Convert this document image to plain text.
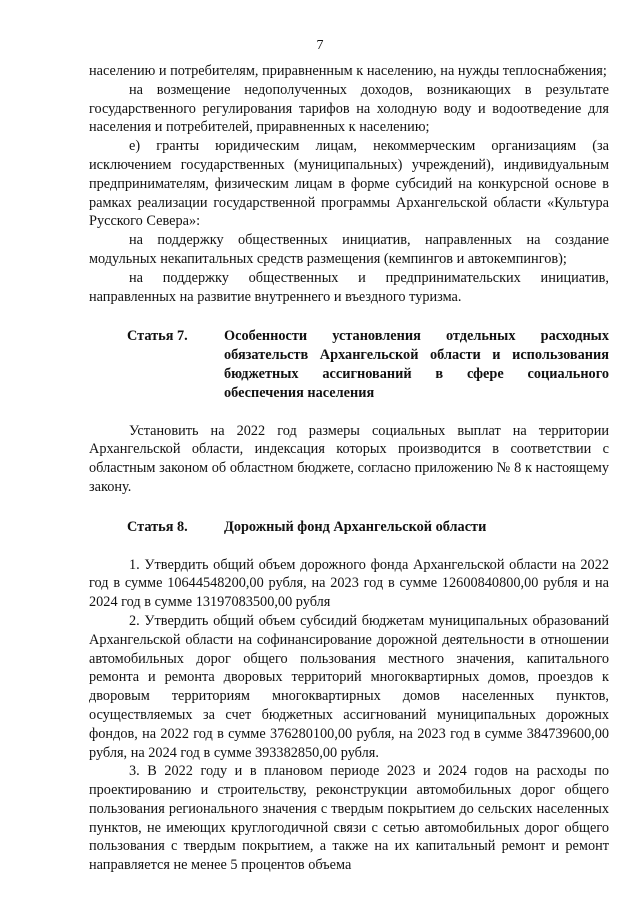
7

населению и потребителям, приравненным к населению, на нужды теплоснабжения;

на возмещение недополученных доходов, возникающих в результате государственного регулирования тарифов на холодную воду и водоотведение для населения и потребителей, приравненных к населению;

е) гранты юридическим лицам, некоммерческим организациям (за исключением государственных (муниципальных) учреждений), индивидуальным предпринимателям, физическим лицам в форме субсидий на конкурсной основе в рамках реализации государственной программы Архангельской области «Культура Русского Севера»:

на поддержку общественных инициатив, направленных на создание модульных некапитальных средств размещения (кемпингов и автокемпингов);

на поддержку общественных и предпринимательских инициатив, направленных на развитие внутреннего и въездного туризма.

Статья 7.	Особенности установления отдельных расходных обязательств Архангельской области и использования бюджетных ассигнований в сфере социального обеспечения населения

Установить на 2022 год размеры социальных выплат на территории Архангельской области, индексация которых производится в соответствии с областным законом об областном бюджете, согласно приложению № 8 к настоящему закону.

Статья 8.	Дорожный фонд Архангельской области

1. Утвердить общий объем дорожного фонда Архангельской области на 2022 год в сумме 10644548200,00 рубля, на 2023 год в сумме 12600840800,00 рубля и на 2024 год в сумме 13197083500,00 рубля

2. Утвердить общий объем субсидий бюджетам муниципальных образований Архангельской области на софинансирование дорожной деятельности в отношении автомобильных дорог общего пользования местного значения, капитального ремонта и ремонта дворовых территорий многоквартирных домов, проездов к дворовым территориям многоквартирных домов населенных пунктов, осуществляемых за счет бюджетных ассигнований муниципальных дорожных фондов, на 2022 год в сумме 376280100,00 рубля, на 2023 год в сумме 384739600,00 рубля, на 2024 год в сумме 393382850,00 рубля.

3. В 2022 году и в плановом периоде 2023 и 2024 годов на расходы по проектированию и строительству, реконструкции автомобильных дорог общего пользования регионального значения с твердым покрытием до сельских населенных пунктов, не имеющих круглогодичной связи с сетью автомобильных дорог общего пользования с твердым покрытием, а также на их капитальный ремонт и ремонт направляется не менее 5 процентов объема
